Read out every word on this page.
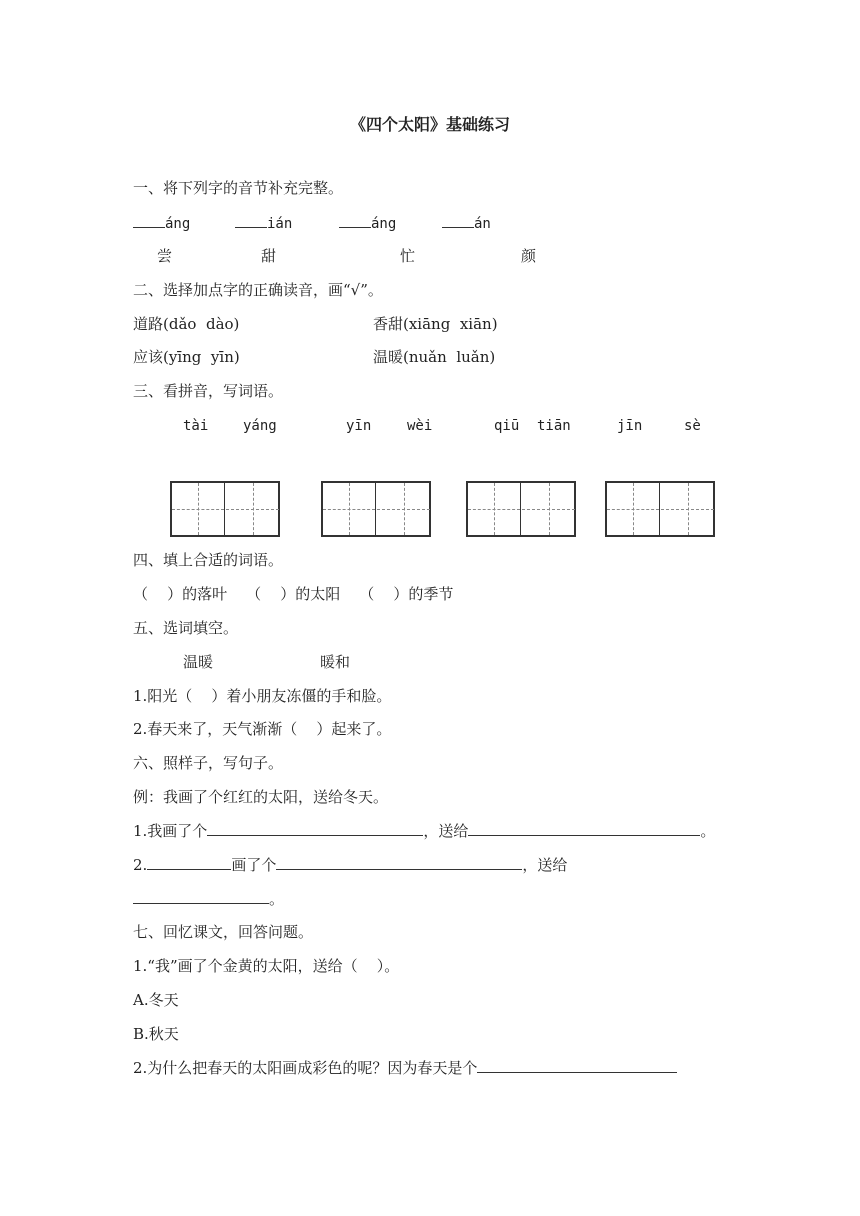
《四个太阳》基础练习
一、将下列字的音节补充完整。
áng	ián	áng	án
尝	甜	忙	颜
二、选择加点字的正确读音，画“√”。
道路(dǎo  dào)	香甜(xiāng  xiān)
应该(yīng  yīn)	温暖(nuǎn  luǎn)
三、看拼音，写词语。
tài yáng	yīn	wèi	qiū tiān	jīn	sè
四、填上合适的词语。
（    ）的落叶    （    ）的太阳    （    ）的季节
五、选词填空。
温暖	暖和
1.阳光（    ）着小朋友冻僵的手和脸。
2.春天来了，天气渐渐（    ）起来了。
六、照样子，写句子。
例：我画了个红红的太阳，送给冬天。
1.我画了个	，送给	。
2.	画了个	，送给
。
七、回忆课文，回答问题。
1.“我”画了个金黄的太阳，送给（    ）。
A.冬天
B.秋天
2.为什么把春天的太阳画成彩色的呢？因为春天是个
